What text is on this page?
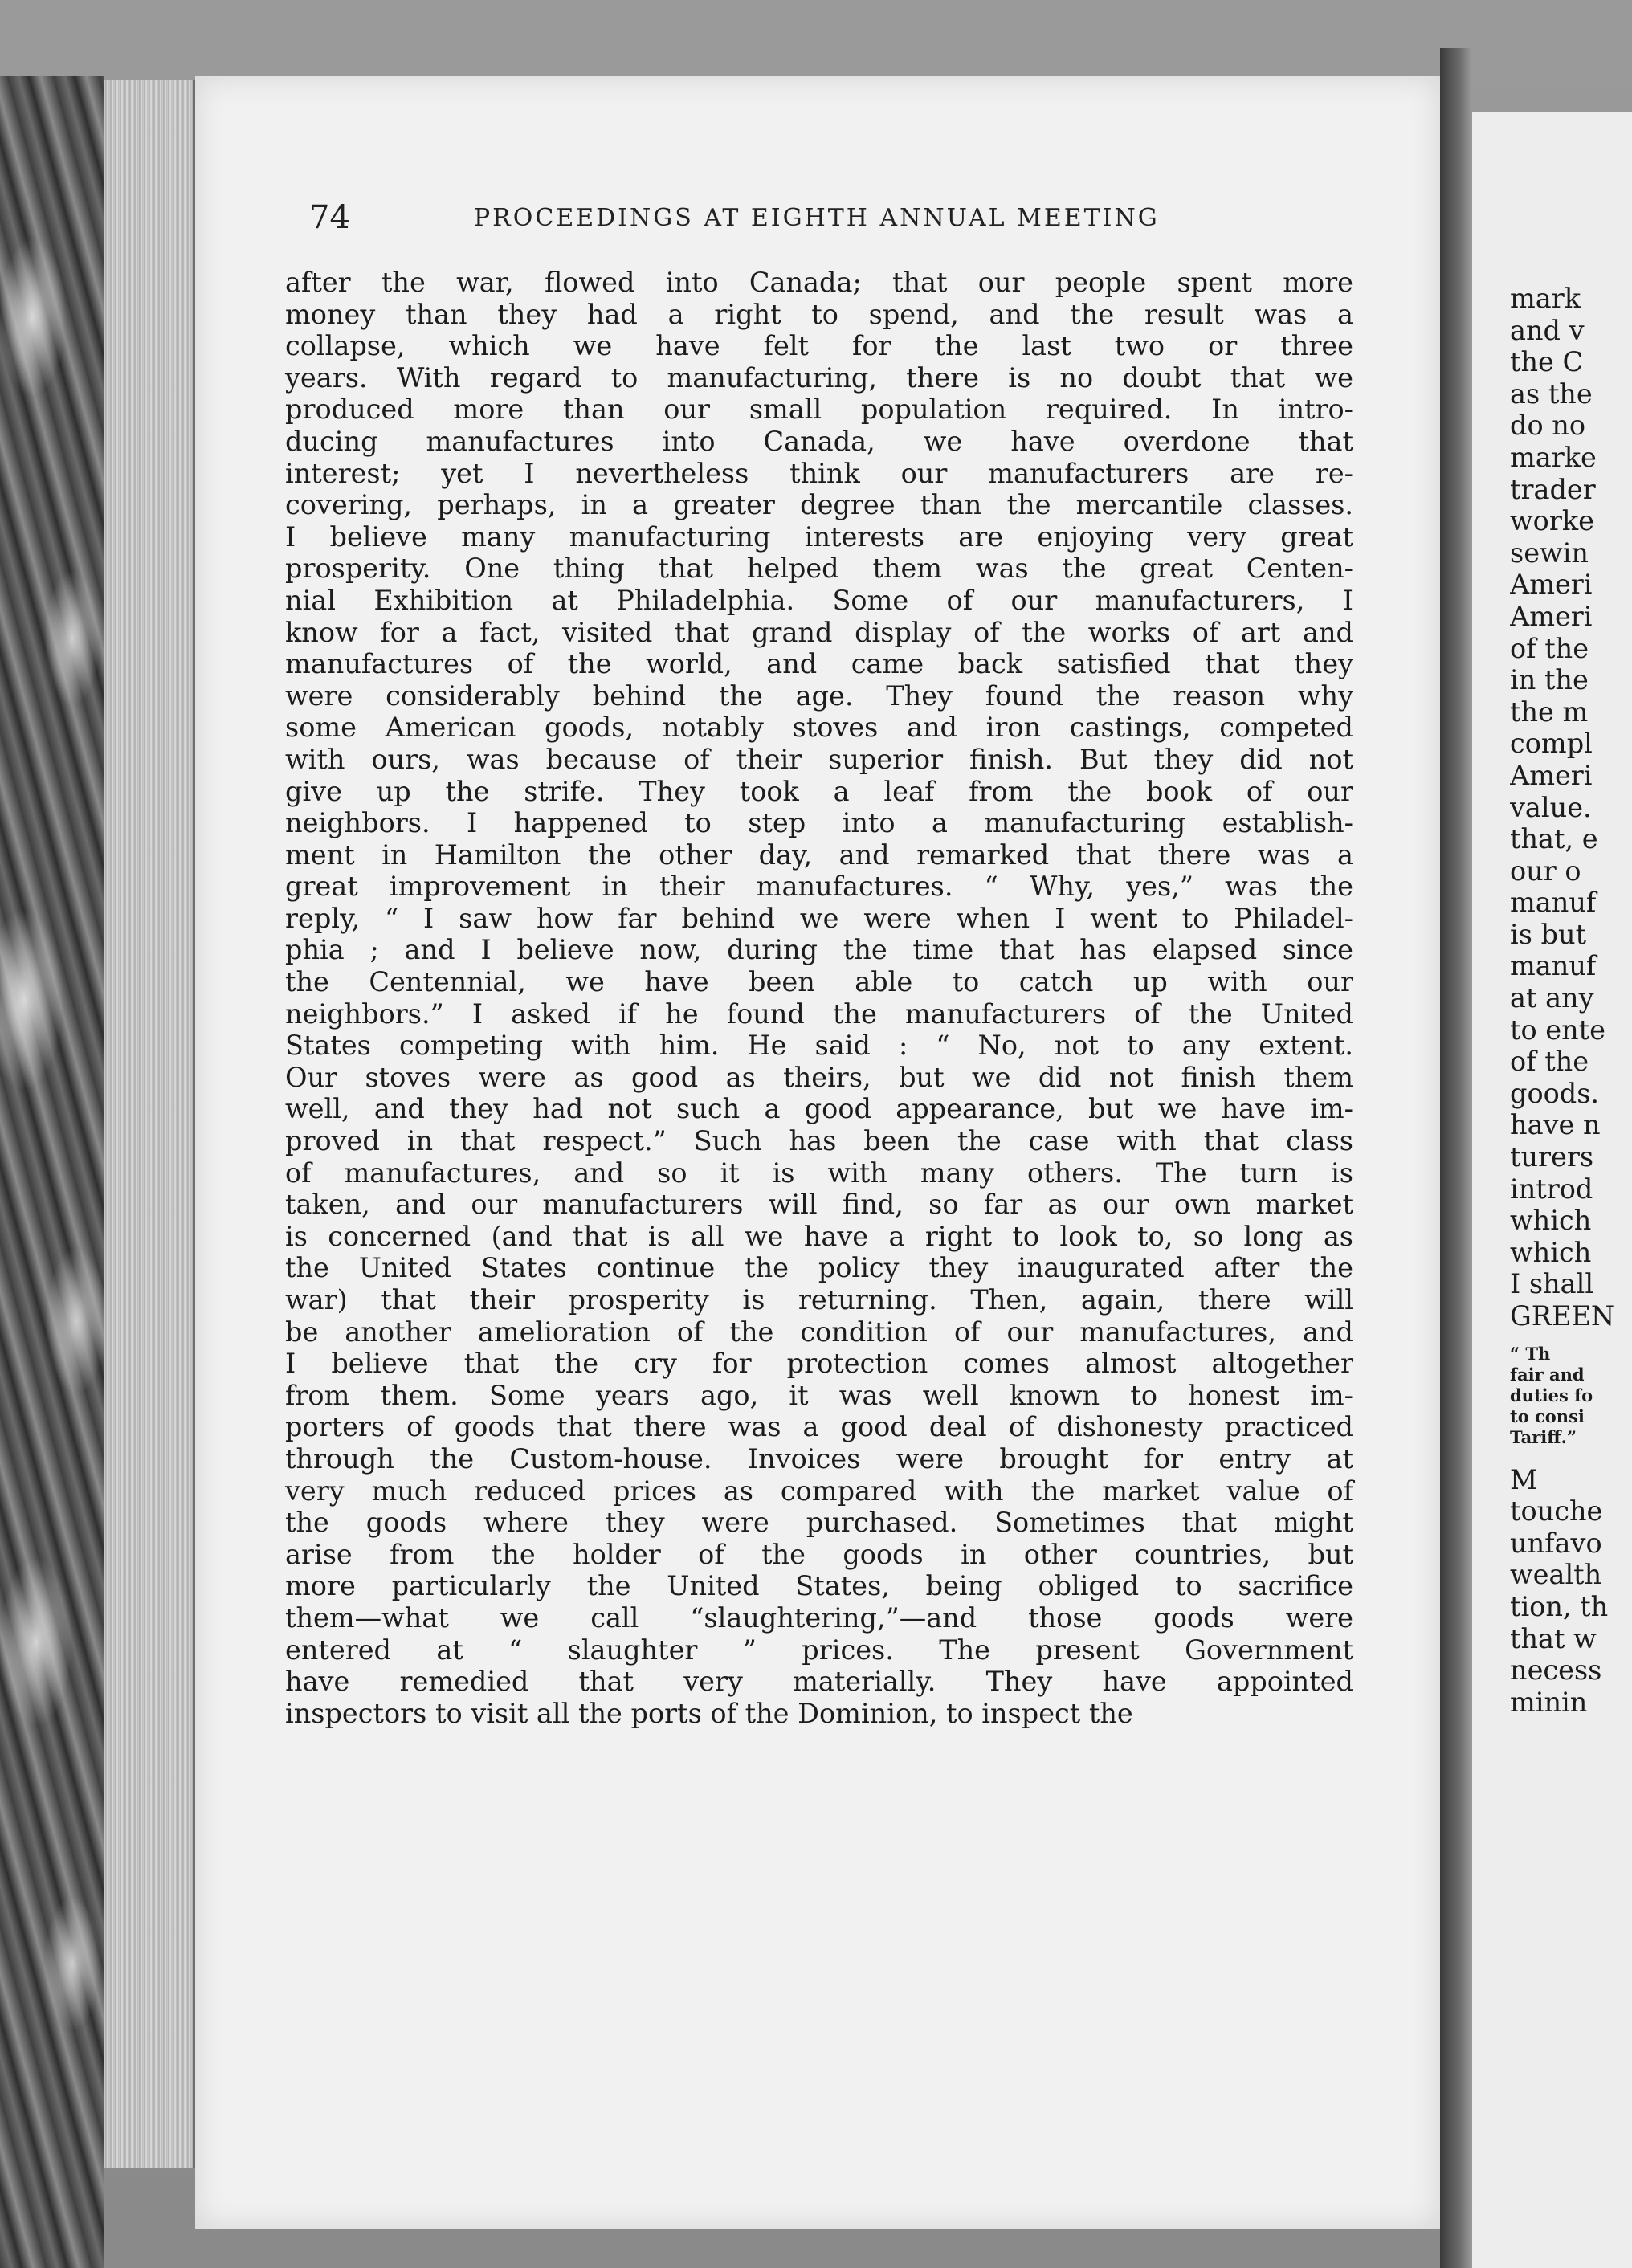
74	PROCEEDINGS AT EIGHTH ANNUAL MEETING
after the war, flowed into Canada; that our people spent more
money than they had a right to spend, and the result was a
collapse, which we have felt for the last two or three
years. With regard to manufacturing, there is no doubt that we
produced more than our small population required. In intro-
ducing manufactures into Canada, we have overdone that
interest; yet I nevertheless think our manufacturers are re-
covering, perhaps, in a greater degree than the mercantile classes.
I believe many manufacturing interests are enjoying very great
prosperity. One thing that helped them was the great Centen-
nial Exhibition at Philadelphia. Some of our manufacturers, I
know for a fact, visited that grand display of the works of art and
manufactures of the world, and came back satisfied that they
were considerably behind the age. They found the reason why
some American goods, notably stoves and iron castings, competed
with ours, was because of their superior finish. But they did not
give up the strife. They took a leaf from the book of our
neighbors. I happened to step into a manufacturing establish-
ment in Hamilton the other day, and remarked that there was a
great improvement in their manufactures. “ Why, yes,” was the
reply, “ I saw how far behind we were when I went to Philadel-
phia ; and I believe now, during the time that has elapsed since
the Centennial, we have been able to catch up with our
neighbors.” I asked if he found the manufacturers of the United
States competing with him. He said : “ No, not to any extent.
Our stoves were as good as theirs, but we did not finish them
well, and they had not such a good appearance, but we have im-
proved in that respect.” Such has been the case with that class
of manufactures, and so it is with many others. The turn is
taken, and our manufacturers will find, so far as our own market
is concerned (and that is all we have a right to look to, so long as
the United States continue the policy they inaugurated after the
war) that their prosperity is returning. Then, again, there will
be another amelioration of the condition of our manufactures, and
I believe that the cry for protection comes almost altogether
from them. Some years ago, it was well known to honest im-
porters of goods that there was a good deal of dishonesty practiced
through the Custom-house. Invoices were brought for entry at
very much reduced prices as compared with the market value of
the goods where they were purchased. Sometimes that might
arise from the holder of the goods in other countries, but
more particularly the United States, being obliged to sacrifice
them—what we call “slaughtering,”—and those goods were
entered at “ slaughter ” prices. The present Government
have remedied that very materially. They have appointed
inspectors to visit all the ports of the Dominion, to inspect the
mark
and v
the C
as the
do no
marke
trader
worke
sewin
Ameri
Ameri
of the
in the
the m
compl
Ameri
value.
that, e
our o
manuf
is but
manuf
at any
to ente
of the
goods.
have n
turers
introd
which
which
I shall
GREEN
“ Th
fair and
duties fo
to consi
Tariff.”
M
touche
unfavo
wealth
tion, th
that w
necess
minin
